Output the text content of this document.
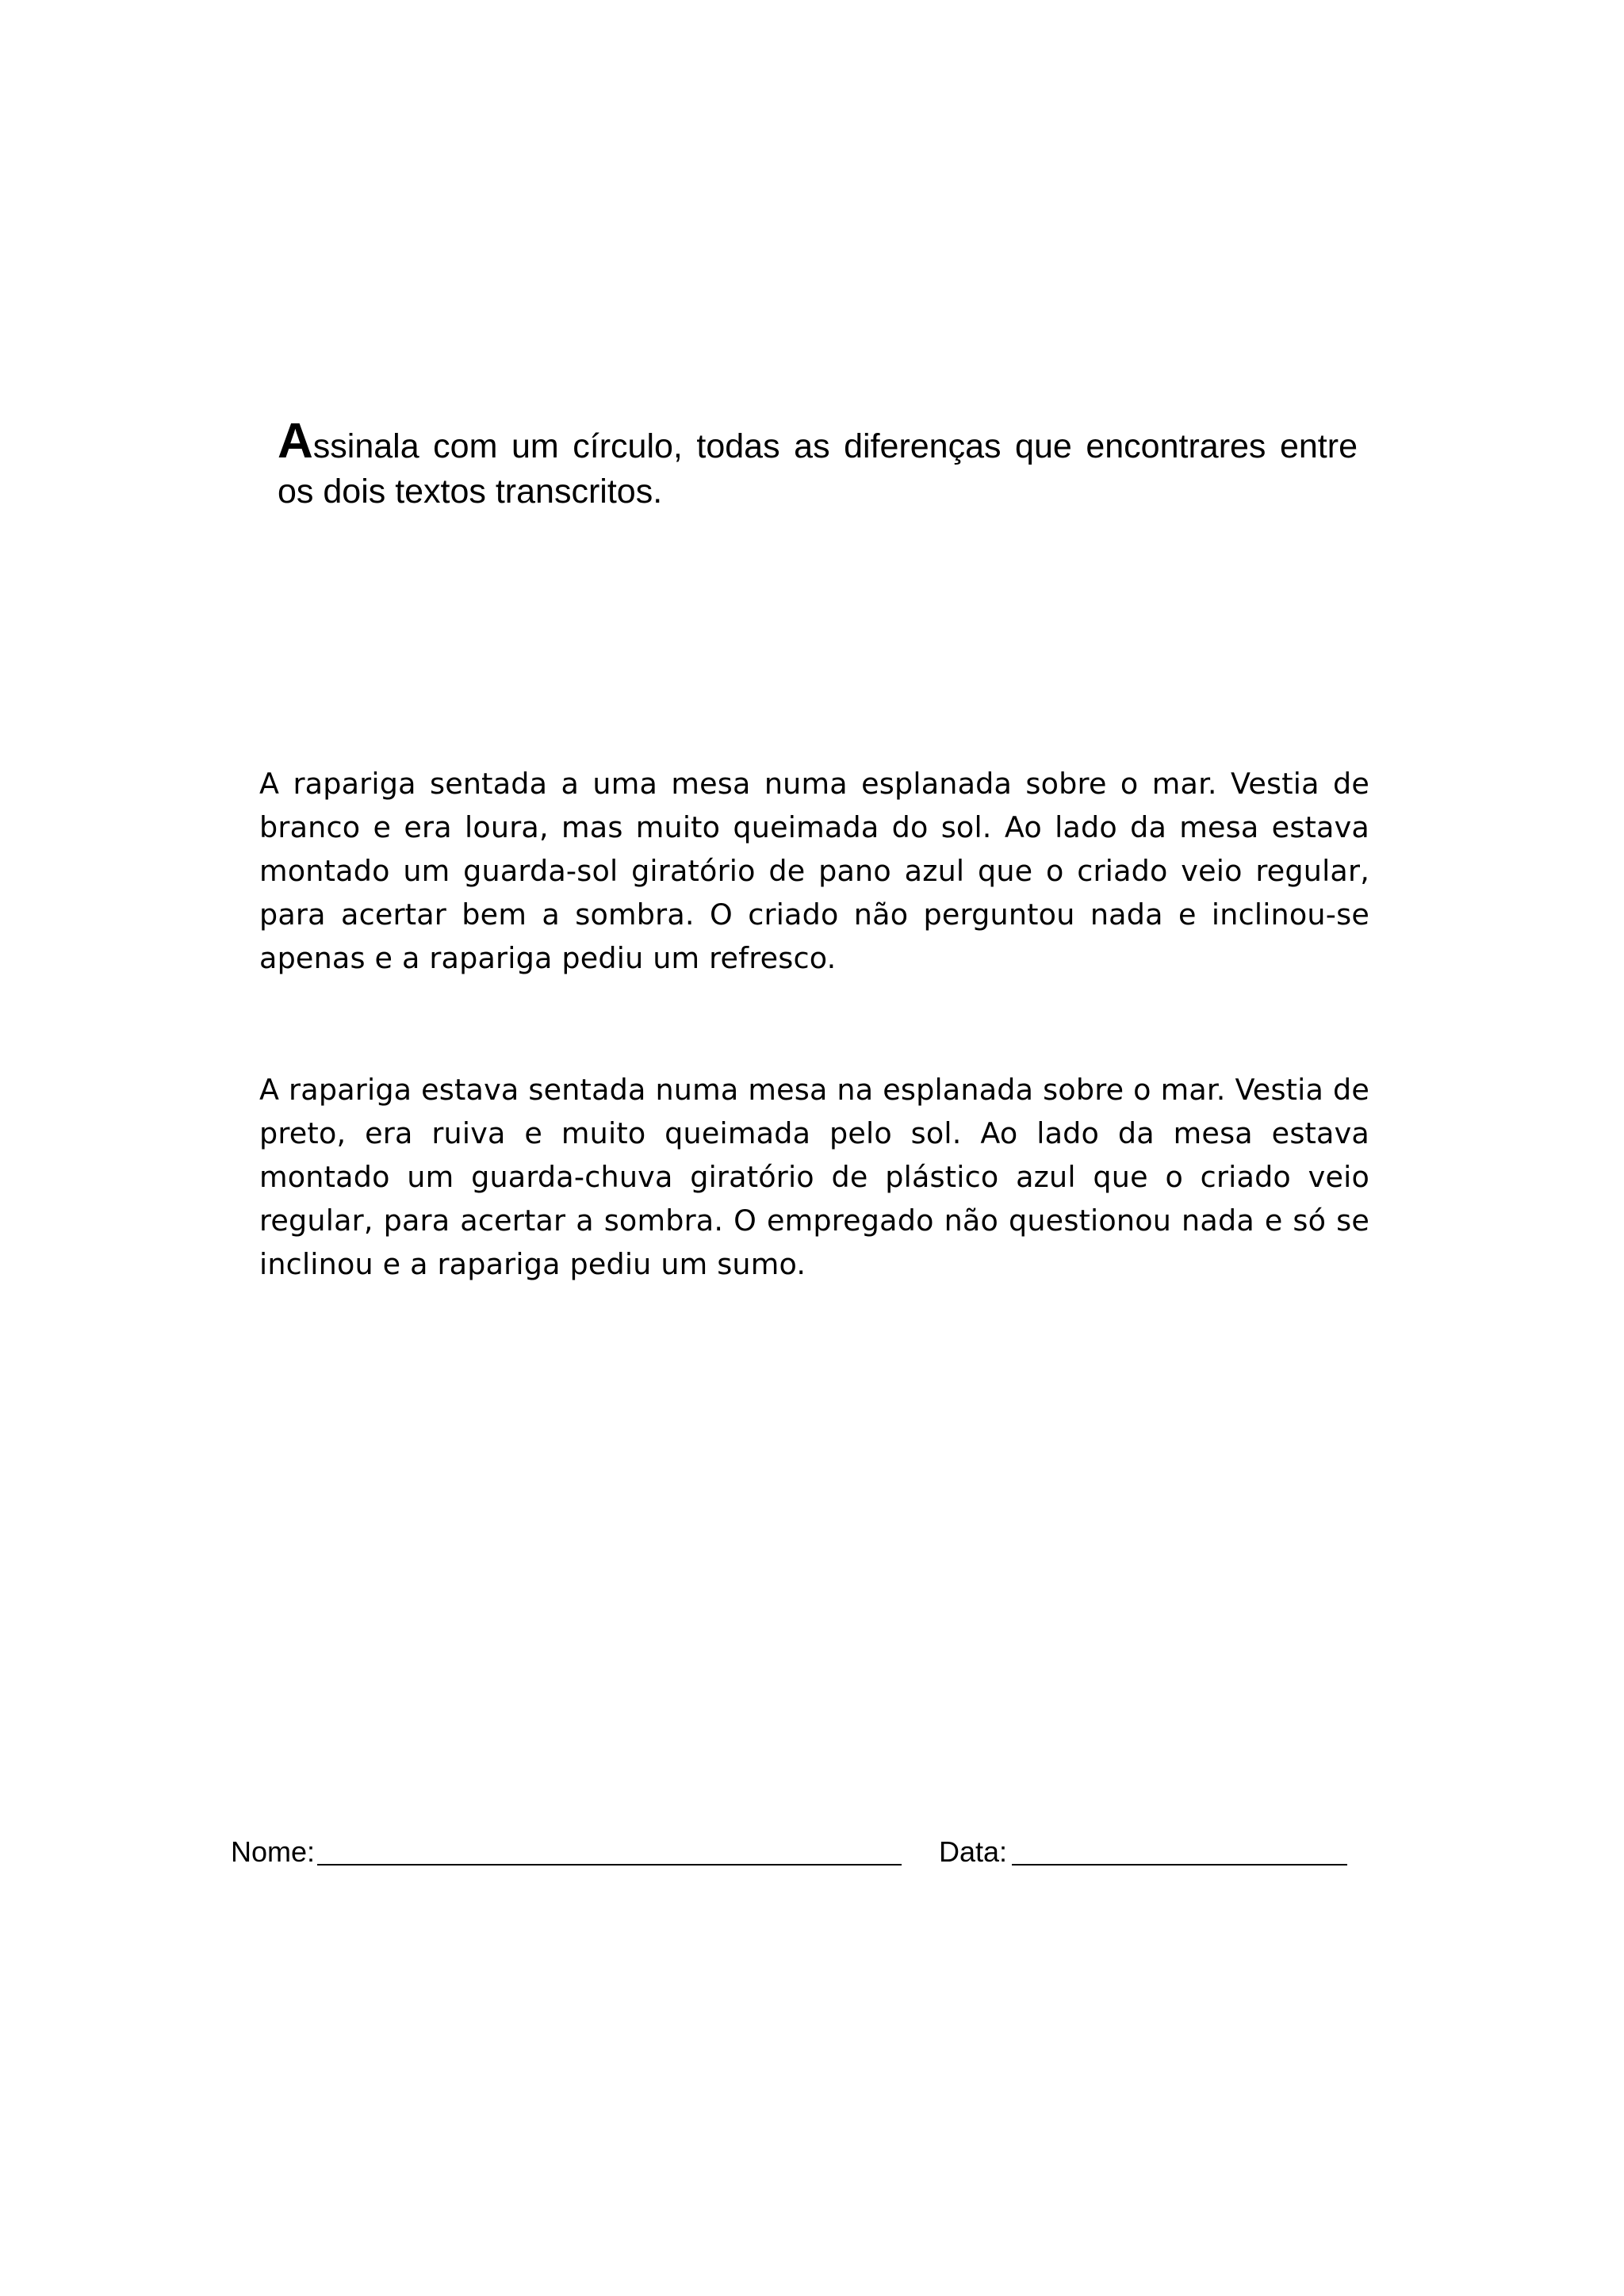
Assinala com um círculo, todas as diferenças que encontrares entre os dois textos transcritos.

A rapariga sentada a uma mesa numa esplanada sobre o mar. Vestia de branco e era loura, mas muito queimada do sol. Ao lado da mesa estava montado um guarda-sol giratório de pano azul que o criado veio regular, para acertar bem a sombra. O criado não perguntou nada e inclinou-se apenas e a rapariga pediu um refresco.

A rapariga estava sentada numa mesa na esplanada sobre o mar. Vestia de preto, era ruiva e muito queimada pelo sol. Ao lado da mesa estava montado um guarda-chuva giratório de plástico azul que o criado veio regular, para acertar a sombra. O empregado não questionou nada e só se inclinou e a rapariga pediu um sumo.

Nome:	Data:
